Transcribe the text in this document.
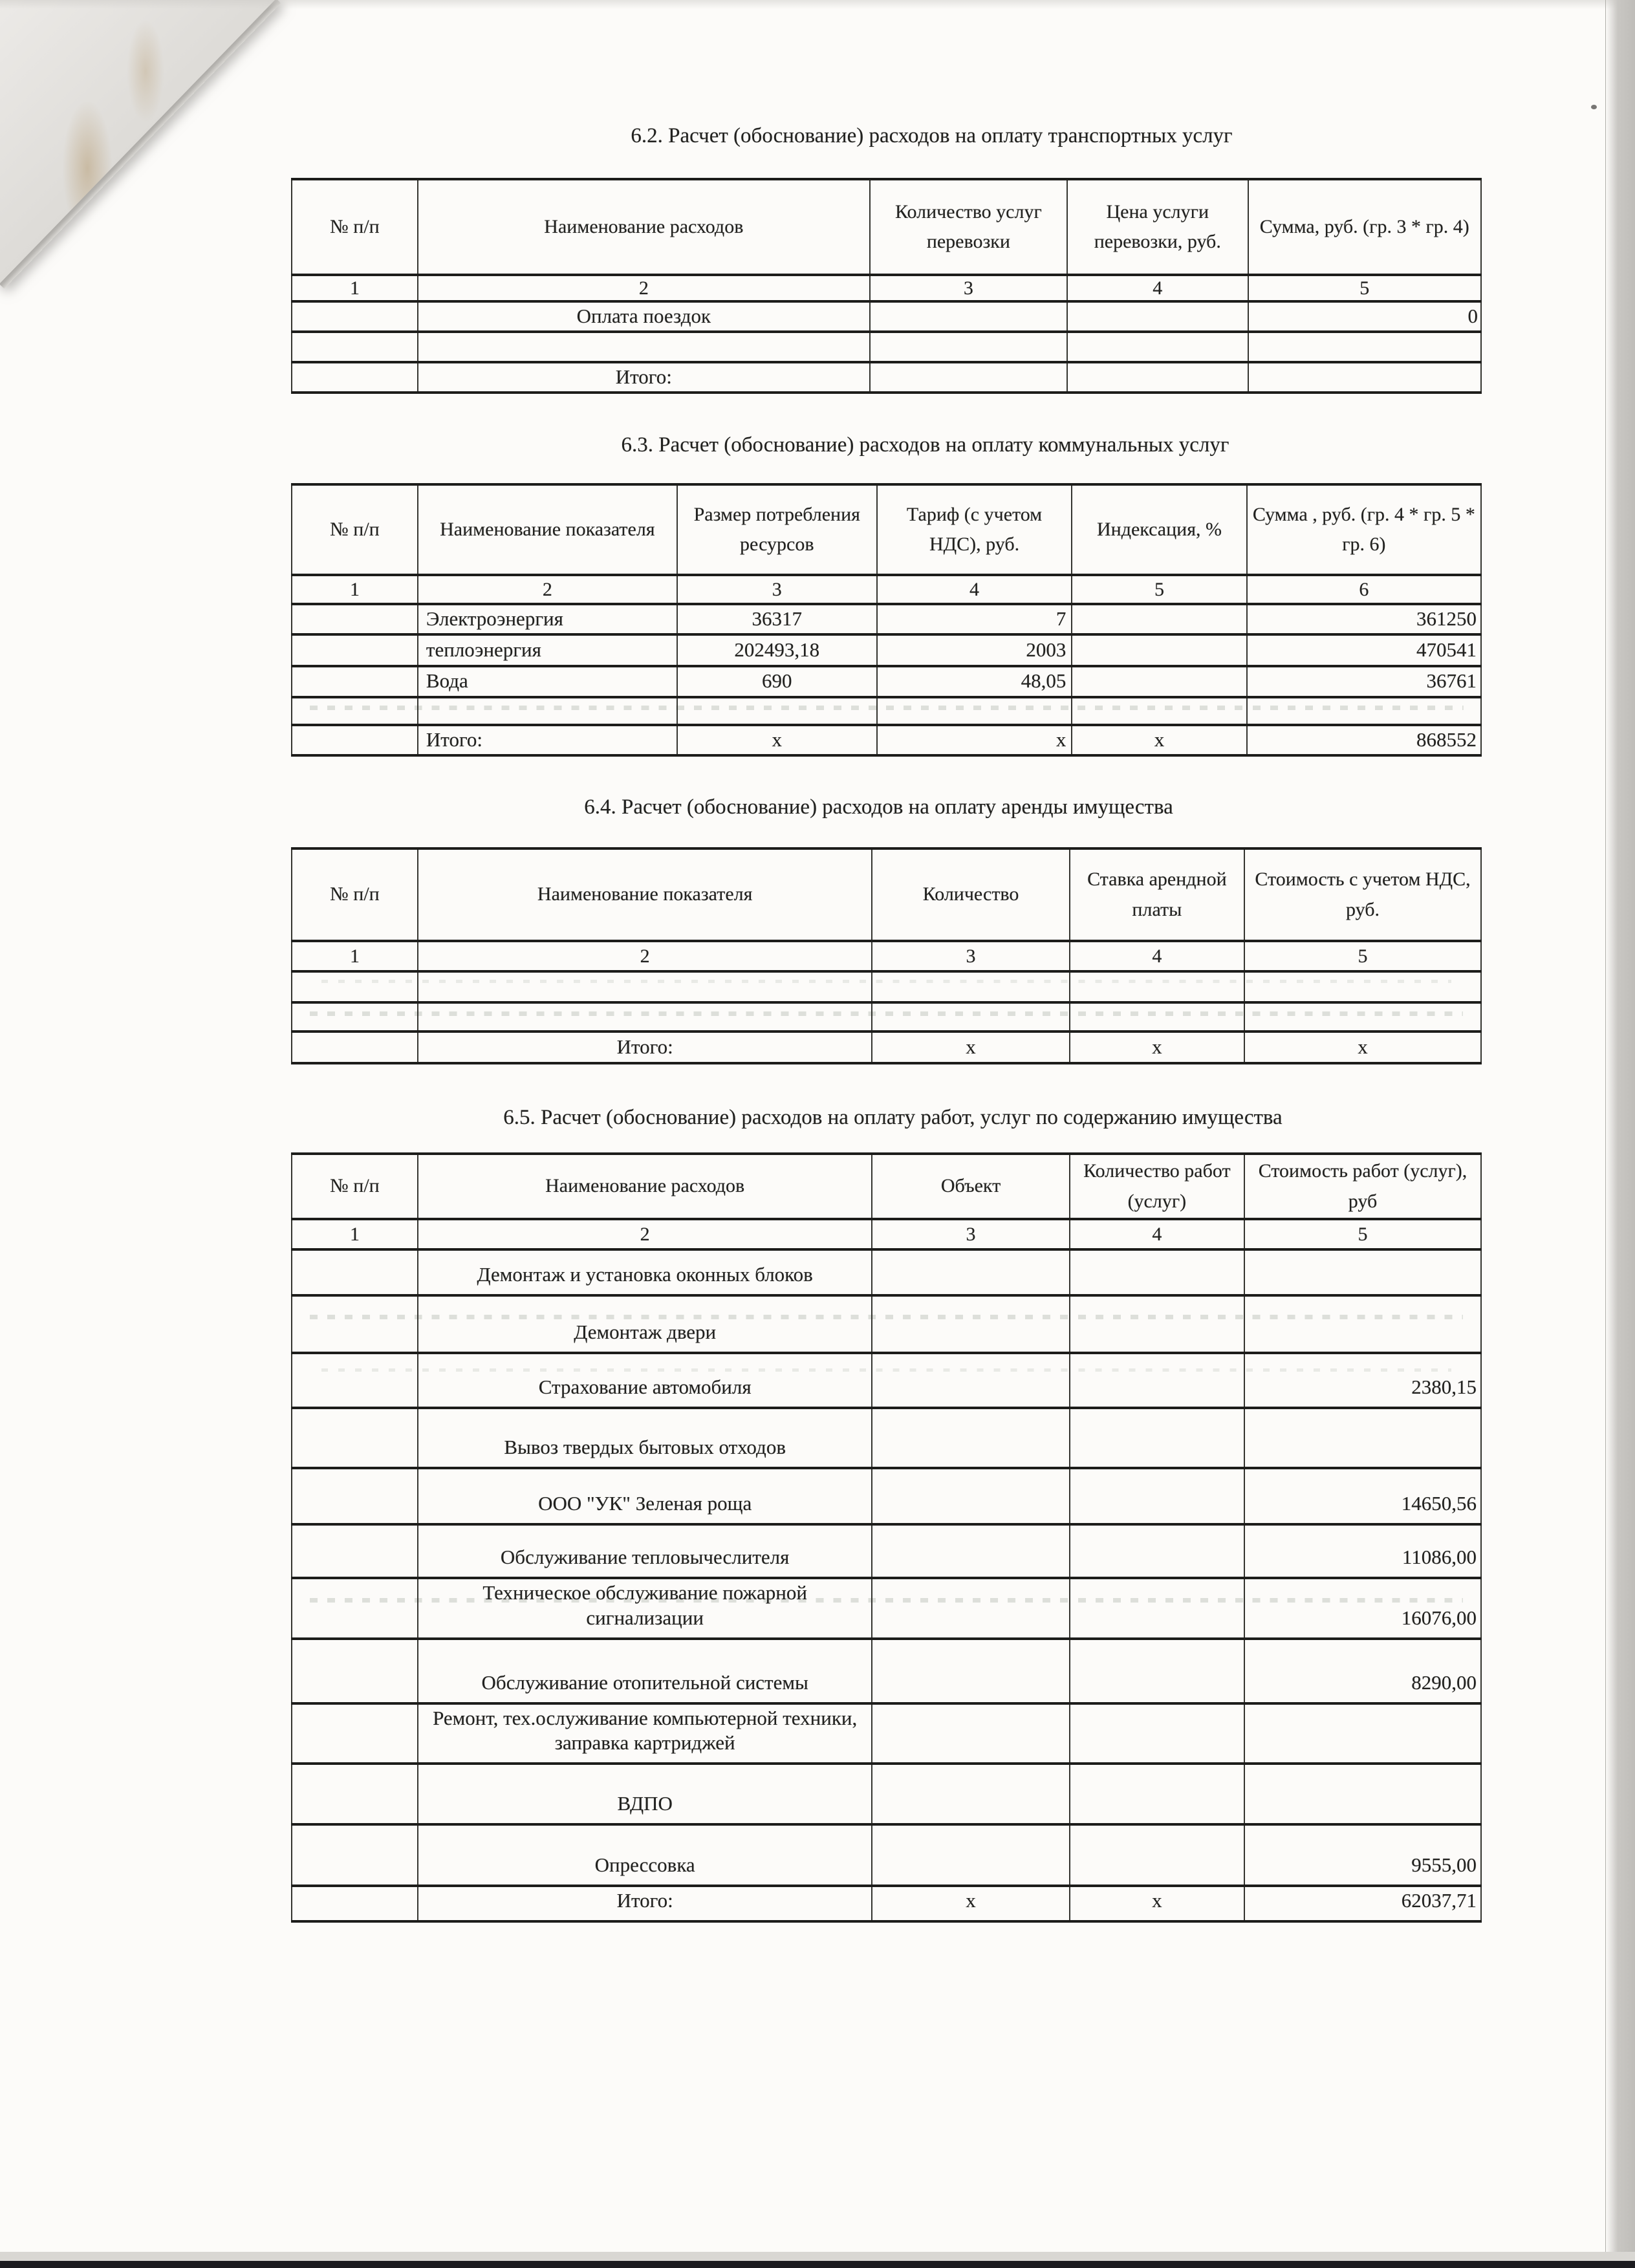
6.2. Расчет (обоснование) расходов на оплату транспортных услуг
№ п/п	Наименование расходов	Количество услуг перевозки	Цена услуги перевозки, руб.	Сумма, руб. (гр. 3 * гр. 4)
1	2	3	4	5
	Оплата поездок			0

	Итого:			
6.3. Расчет (обоснование) расходов на оплату коммунальных услуг
№ п/п	Наименование показателя	Размер потребления ресурсов	Тариф (с учетом НДС), руб.	Индексация, %	Сумма , руб. (гр. 4 * гр. 5 * гр. 6)
1	2	3	4	5	6
	Электроэнергия	36317	7		361250
	теплоэнергия	202493,18	2003		470541
	Вода	690	48,05		36761

	Итого:	x	x	x	868552
6.4. Расчет (обоснование) расходов на оплату аренды имущества
№ п/п	Наименование показателя	Количество	Ставка арендной платы	Стоимость с учетом НДС, руб.
1	2	3	4	5

	Итого:	x	x	x
6.5. Расчет (обоснование) расходов на оплату работ, услуг по содержанию имущества
№ п/п	Наименование расходов	Объект	Количество работ (услуг)	Стоимость работ (услуг), руб
1	2	3	4	5
	Демонтаж и установка оконных блоков			
	Демонтаж двери			
	Страхование автомобиля			2380,15
	Вывоз твердых бытовых отходов			
	ООО "УК" Зеленая роща			14650,56
	Обслуживание тепловычеслителя			11086,00
	Техническое обслуживание пожарной сигнализации			16076,00
	Обслуживание отопительной системы			8290,00
	Ремонт, тех.ослуживание компьютерной техники, заправка картриджей			
	ВДПО			
	Опрессовка			9555,00
	Итого:	x	x	62037,71
